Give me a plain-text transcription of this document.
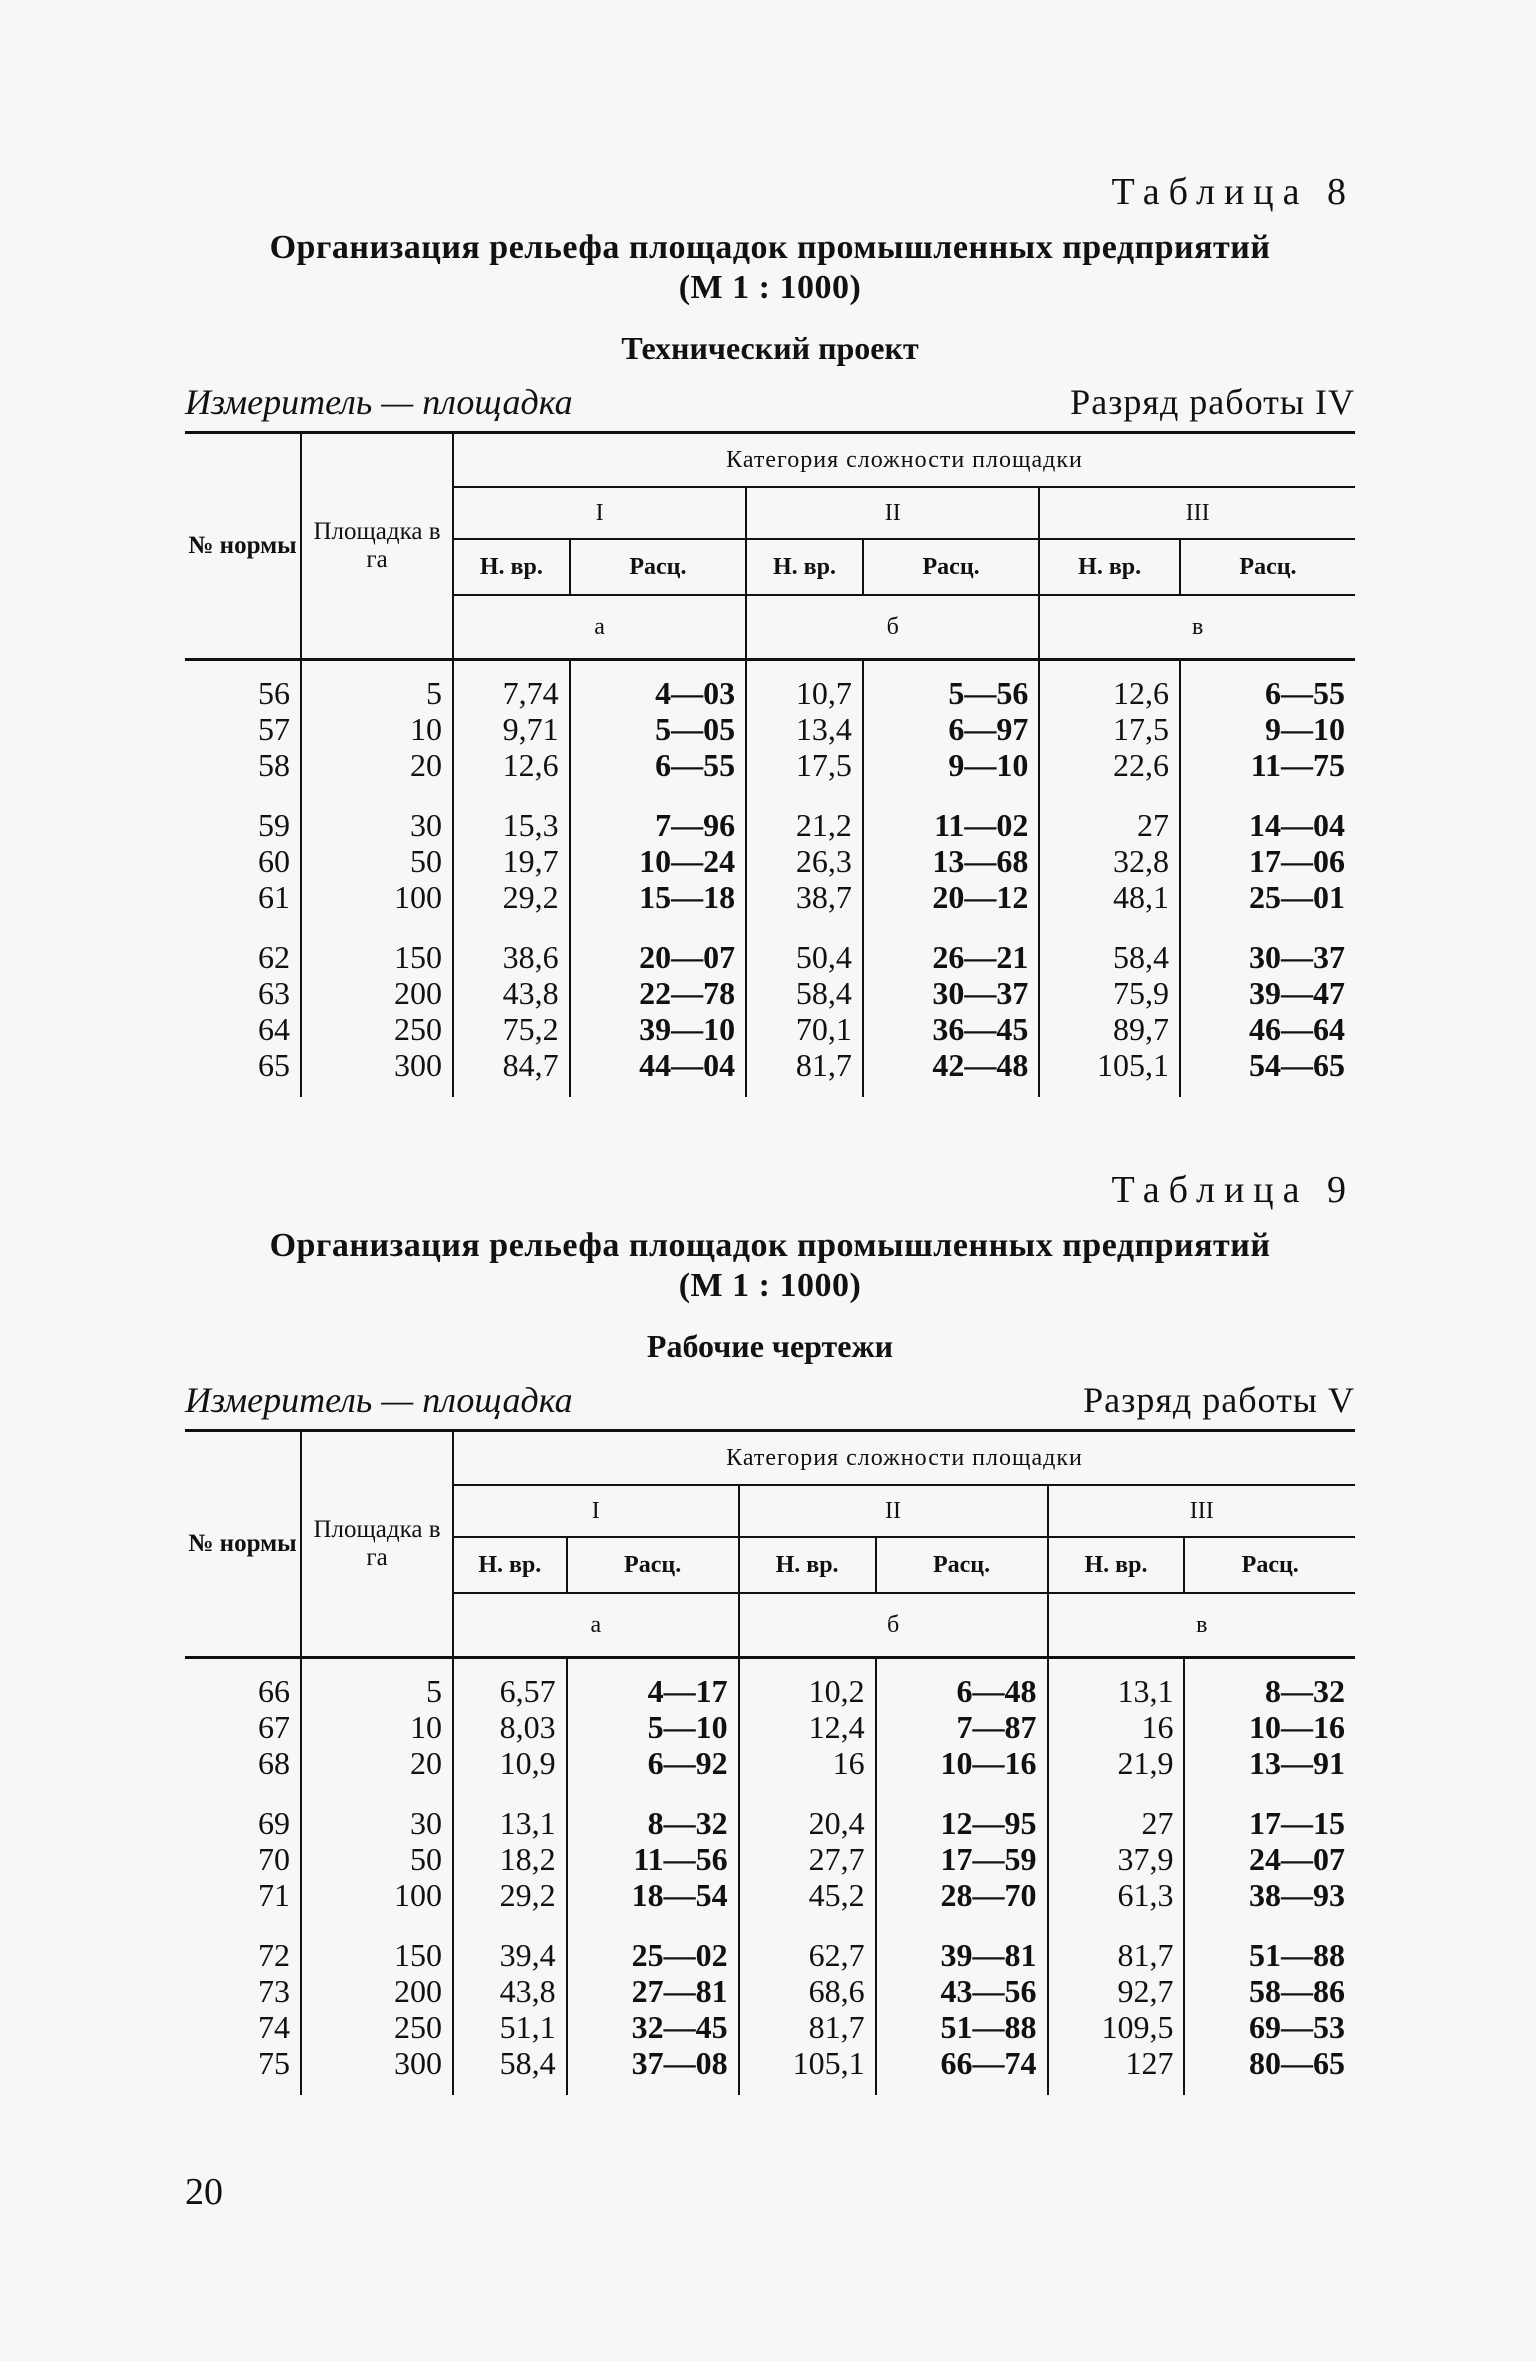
Таблица 8

Организация рельефа площадок промышленных предприятий
(М 1 : 1000)

Технический проект

Измеритель — площадка	Разряд работы IV
№ нормы	Площадка в га	Категория сложности площадки					
		I		II		III	
		Н. вр.	Расц.	Н. вр.	Расц.	Н. вр.	Расц.
		а		б		в	

56	5	7,74	4—03	10,7	5—56	12,6	6—55
57	10	9,71	5—05	13,4	6—97	17,5	9—10
58	20	12,6	6—55	17,5	9—10	22,6	11—75

59	30	15,3	7—96	21,2	11—02	27	14—04
60	50	19,7	10—24	26,3	13—68	32,8	17—06
61	100	29,2	15—18	38,7	20—12	48,1	25—01

62	150	38,6	20—07	50,4	26—21	58,4	30—37
63	200	43,8	22—78	58,4	30—37	75,9	39—47
64	250	75,2	39—10	70,1	36—45	89,7	46—64
65	300	84,7	44—04	81,7	42—48	105,1	54—65

Таблица 9

Организация рельефа площадок промышленных предприятий
(М 1 : 1000)

Рабочие чертежи

Измеритель — площадка	Разряд работы V
№ нормы	Площадка в га	Категория сложности площадки					
		I		II		III	
		Н. вр.	Расц.	Н. вр.	Расц.	Н. вр.	Расц.
		а		б		в	

66	5	6,57	4—17	10,2	6—48	13,1	8—32
67	10	8,03	5—10	12,4	7—87	16	10—16
68	20	10,9	6—92	16	10—16	21,9	13—91

69	30	13,1	8—32	20,4	12—95	27	17—15
70	50	18,2	11—56	27,7	17—59	37,9	24—07
71	100	29,2	18—54	45,2	28—70	61,3	38—93

72	150	39,4	25—02	62,7	39—81	81,7	51—88
73	200	43,8	27—81	68,6	43—56	92,7	58—86
74	250	51,1	32—45	81,7	51—88	109,5	69—53
75	300	58,4	37—08	105,1	66—74	127	80—65

20
